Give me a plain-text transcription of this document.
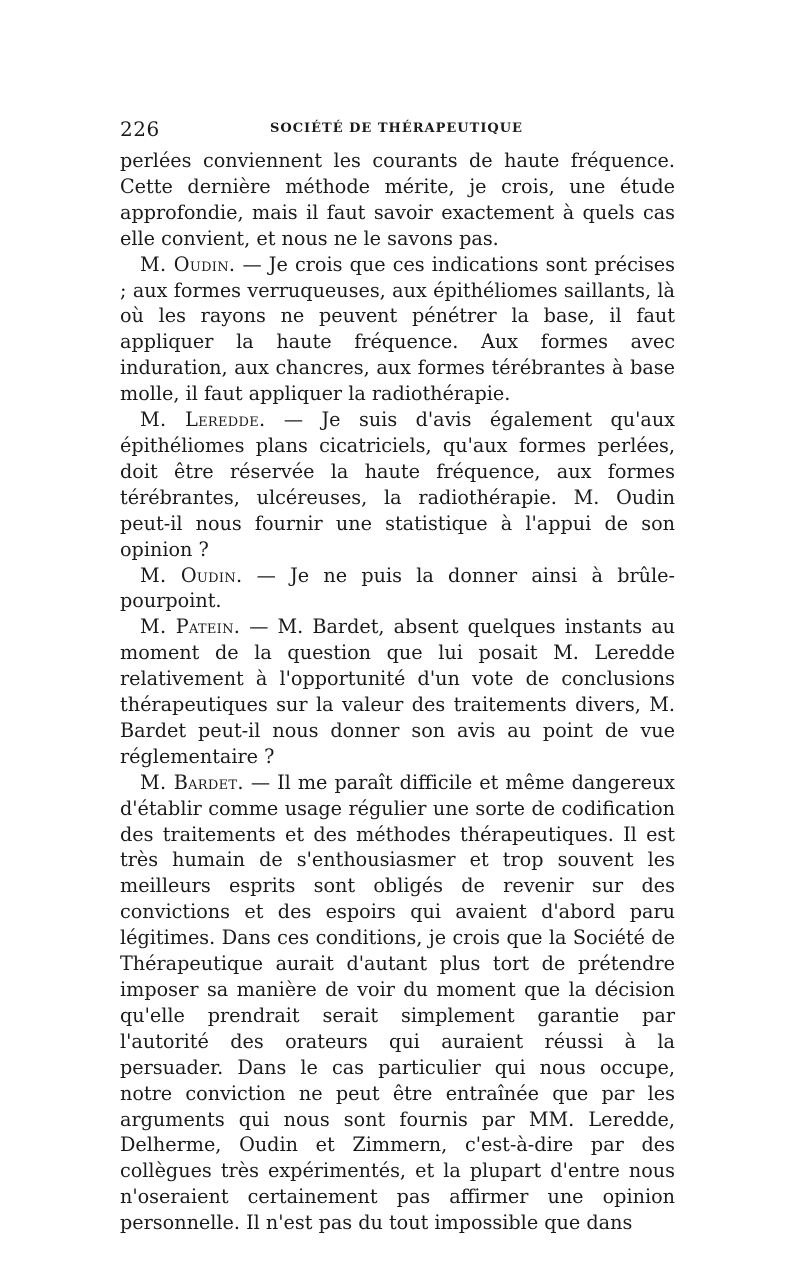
226	SOCIÉTÉ DE THÉRAPEUTIQUE

perlées conviennent les courants de haute fréquence. Cette dernière méthode mérite, je crois, une étude approfondie, mais il faut savoir exactement à quels cas elle convient, et nous ne le savons pas.

M. Oudin. — Je crois que ces indications sont précises ; aux formes verruqueuses, aux épithéliomes saillants, là où les rayons ne peuvent pénétrer la base, il faut appliquer la haute fréquence. Aux formes avec induration, aux chancres, aux formes térébrantes à base molle, il faut appliquer la radiothérapie.

M. Leredde. — Je suis d'avis également qu'aux épithéliomes plans cicatriciels, qu'aux formes perlées, doit être réservée la haute fréquence, aux formes térébrantes, ulcéreuses, la radiothérapie. M. Oudin peut-il nous fournir une statistique à l'appui de son opinion ?

M. Oudin. — Je ne puis la donner ainsi à brûle-pourpoint.

M. Patein. — M. Bardet, absent quelques instants au moment de la question que lui posait M. Leredde relativement à l'opportunité d'un vote de conclusions thérapeutiques sur la valeur des traitements divers, M. Bardet peut-il nous donner son avis au point de vue réglementaire ?

M. Bardet. — Il me paraît difficile et même dangereux d'établir comme usage régulier une sorte de codification des traitements et des méthodes thérapeutiques. Il est très humain de s'enthousiasmer et trop souvent les meilleurs esprits sont obligés de revenir sur des convictions et des espoirs qui avaient d'abord paru légitimes. Dans ces conditions, je crois que la Société de Thérapeutique aurait d'autant plus tort de prétendre imposer sa manière de voir du moment que la décision qu'elle prendrait serait simplement garantie par l'autorité des orateurs qui auraient réussi à la persuader. Dans le cas particulier qui nous occupe, notre conviction ne peut être entraînée que par les arguments qui nous sont fournis par MM. Leredde, Delherme, Oudin et Zimmern, c'est-à-dire par des collègues très expérimentés, et la plupart d'entre nous n'oseraient certainement pas affirmer une opinion personnelle. Il n'est pas du tout impossible que dans
